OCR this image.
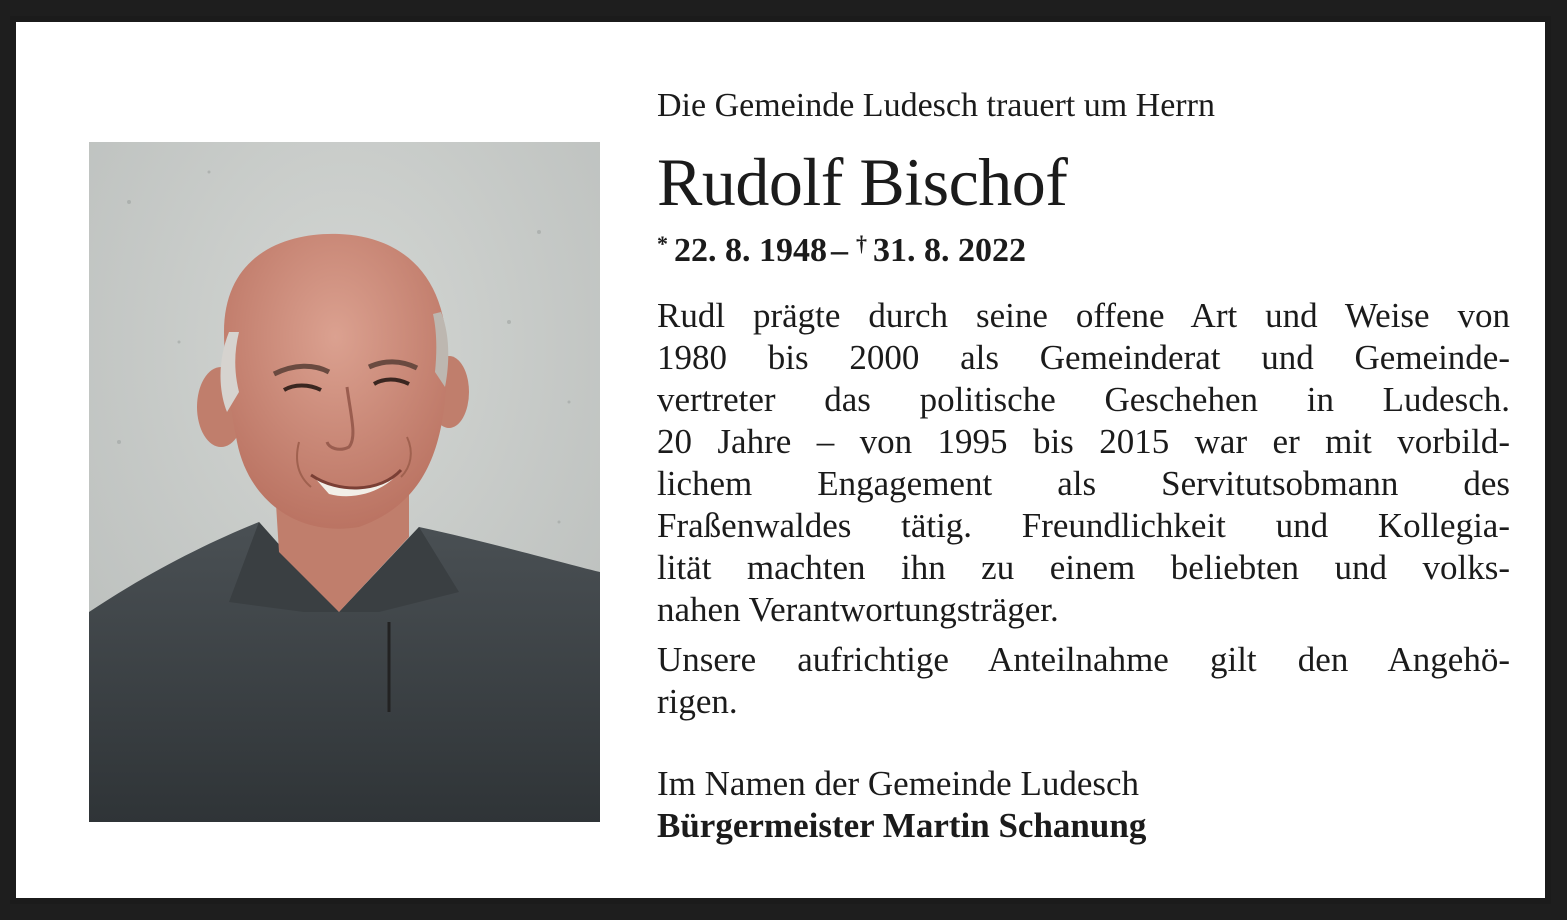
Die Gemeinde Ludesch trauert um Herrn

Rudolf Bischof

* 22. 8. 1948 – † 31. 8. 2022

Rudl prägte durch seine offene Art und Weise von
1980 bis 2000 als Gemeinderat und Gemeinde-
vertreter das politische Geschehen in Ludesch.
20 Jahre – von 1995 bis 2015 war er mit vorbild-
lichem Engagement als Servitutsobmann des
Fraßenwaldes tätig. Freundlichkeit und Kollegia-
lität machten ihn zu einem beliebten und volks-
nahen Verantwortungsträger.
Unsere aufrichtige Anteilnahme gilt den Angehö-
rigen.

Im Namen der Gemeinde Ludesch

Bürgermeister Martin Schanung
